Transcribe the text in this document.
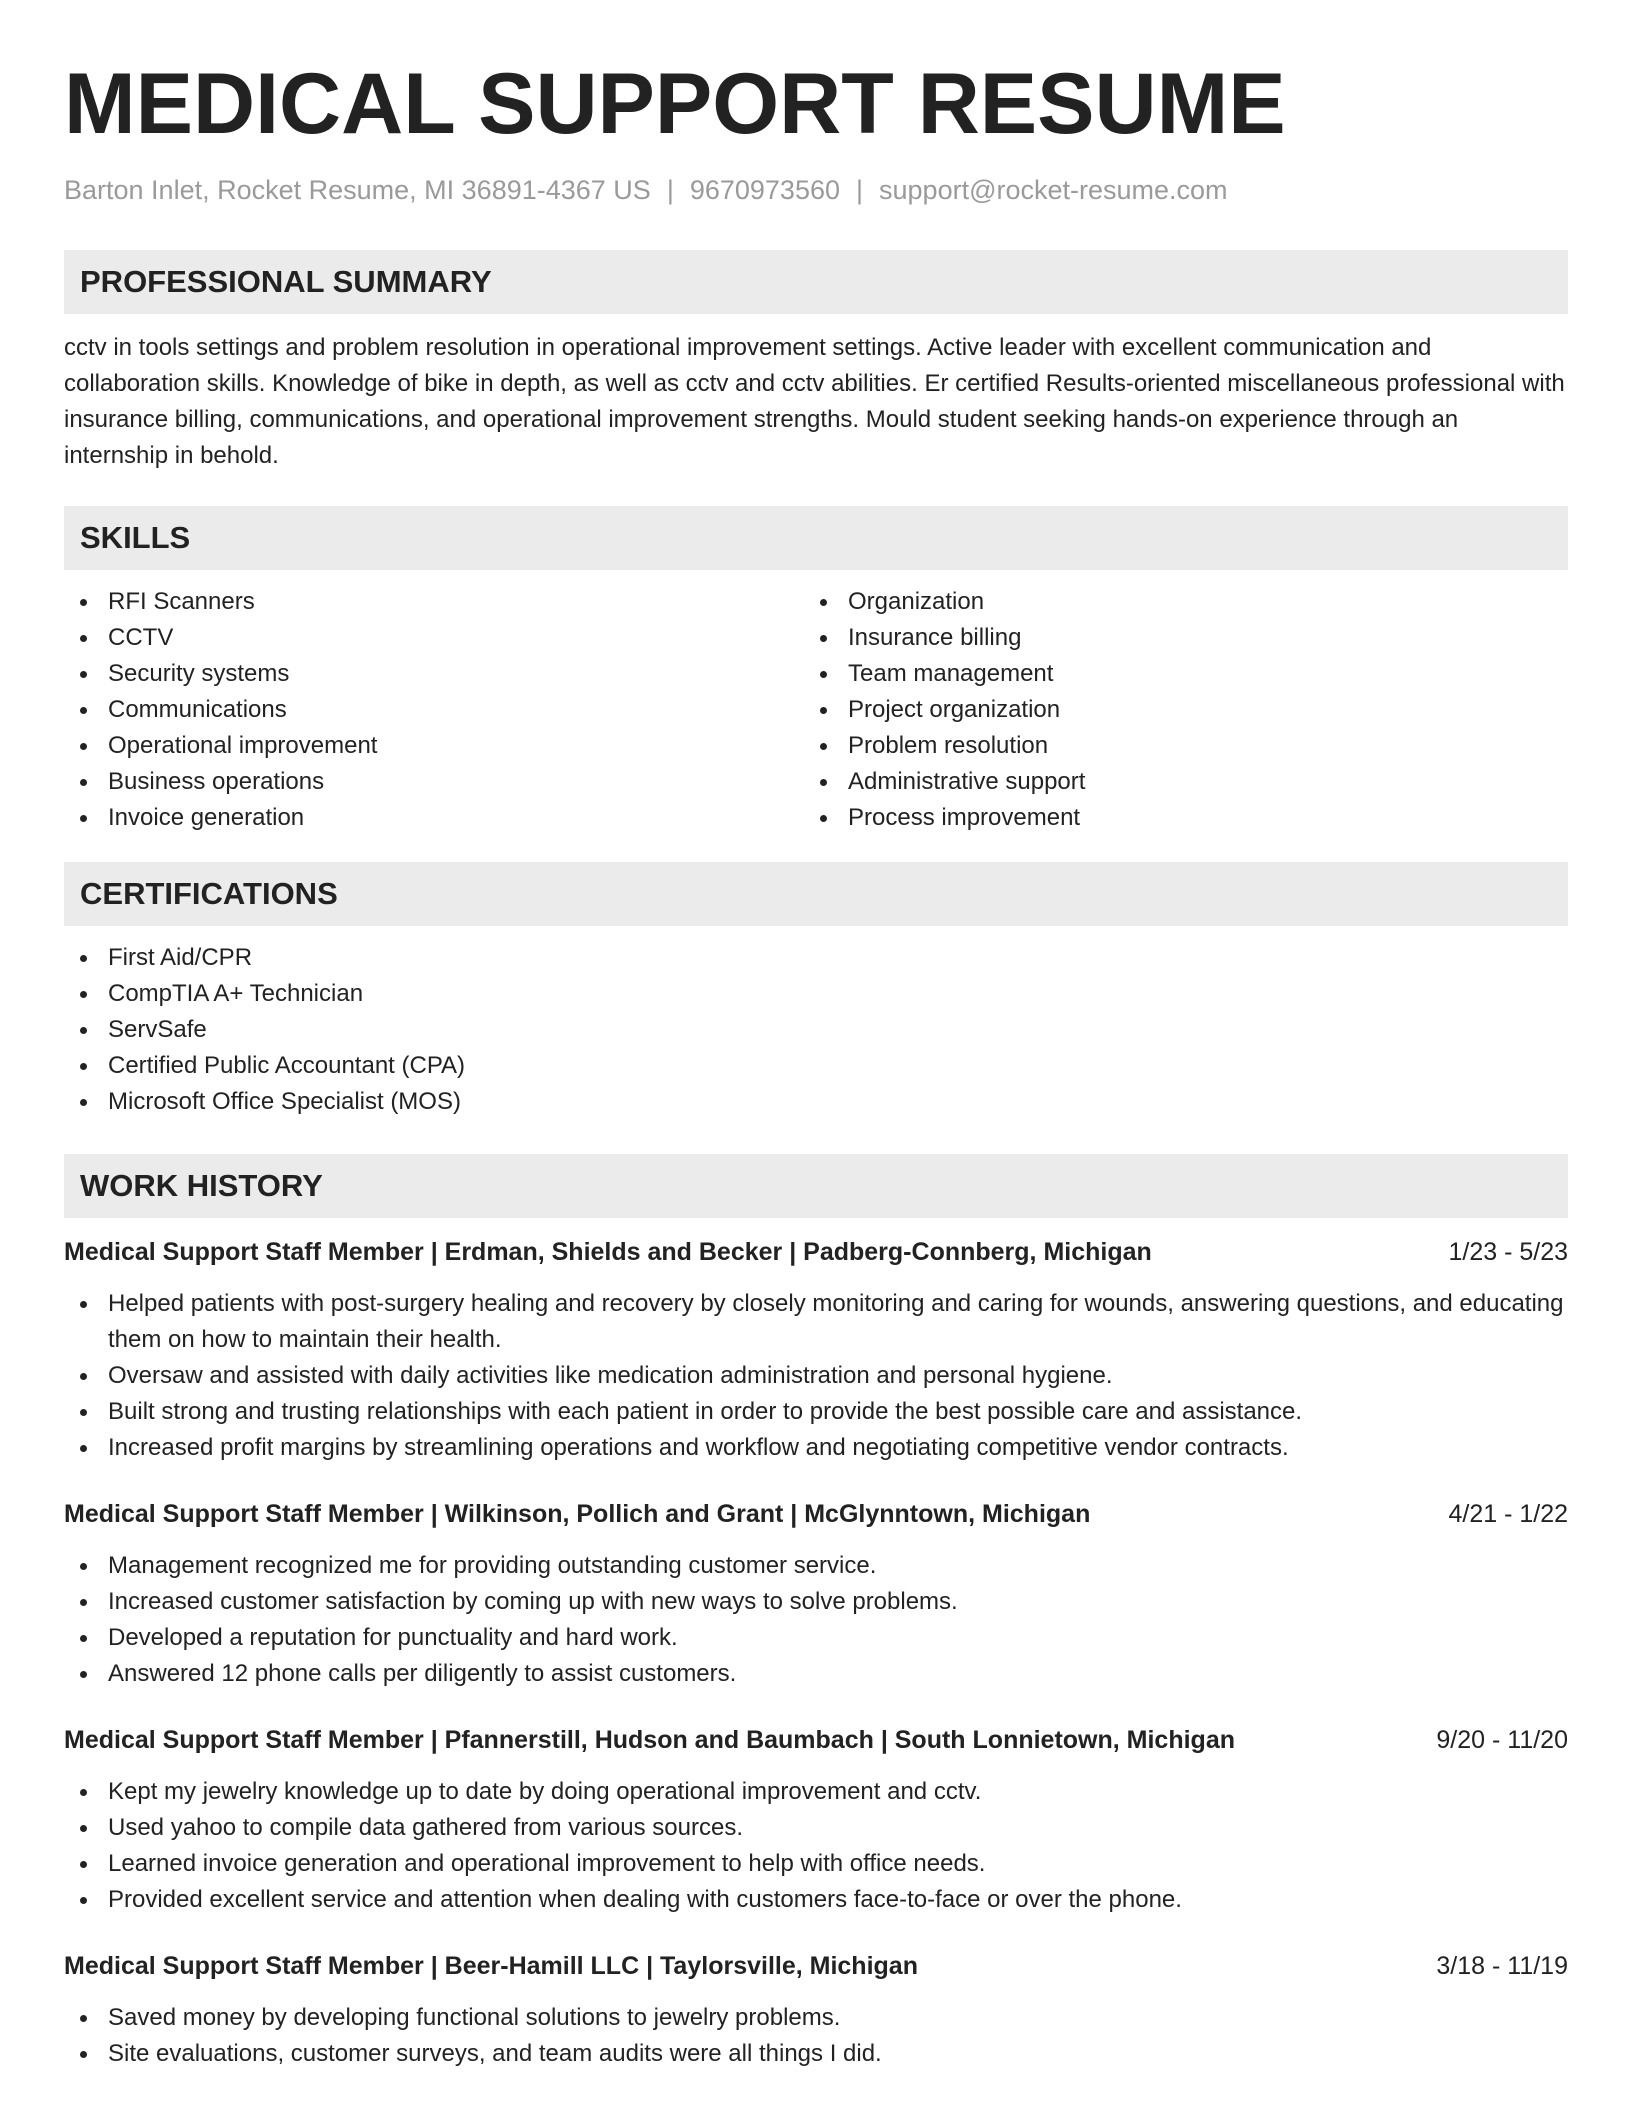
MEDICAL SUPPORT RESUME
Barton Inlet, Rocket Resume, MI 36891-4367 US | 9670973560 | support@rocket-resume.com
PROFESSIONAL SUMMARY

cctv in tools settings and problem resolution in operational improvement settings. Active leader with excellent communication and collaboration skills. Knowledge of bike in depth, as well as cctv and cctv abilities. Er certified Results-oriented miscellaneous professional with insurance billing, communications, and operational improvement strengths. Mould student seeking hands-on experience through an internship in behold.

SKILLS
RFI Scanners
CCTV
Security systems
Communications
Operational improvement
Business operations
Invoice generation
Organization
Insurance billing
Team management
Project organization
Problem resolution
Administrative support
Process improvement
CERTIFICATIONS
First Aid/CPR
CompTIA A+ Technician
ServSafe
Certified Public Accountant (CPA)
Microsoft Office Specialist (MOS)
WORK HISTORY
Medical Support Staff Member | Erdman, Shields and Becker | Padberg-Connberg, Michigan	1/23 - 5/23
Helped patients with post-surgery healing and recovery by closely monitoring and caring for wounds, answering questions, and educating them on how to maintain their health.
Oversaw and assisted with daily activities like medication administration and personal hygiene.
Built strong and trusting relationships with each patient in order to provide the best possible care and assistance.
Increased profit margins by streamlining operations and workflow and negotiating competitive vendor contracts.
Medical Support Staff Member | Wilkinson, Pollich and Grant | McGlynntown, Michigan	4/21 - 1/22
Management recognized me for providing outstanding customer service.
Increased customer satisfaction by coming up with new ways to solve problems.
Developed a reputation for punctuality and hard work.
Answered 12 phone calls per diligently to assist customers.
Medical Support Staff Member | Pfannerstill, Hudson and Baumbach | South Lonnietown, Michigan	9/20 - 11/20
Kept my jewelry knowledge up to date by doing operational improvement and cctv.
Used yahoo to compile data gathered from various sources.
Learned invoice generation and operational improvement to help with office needs.
Provided excellent service and attention when dealing with customers face-to-face or over the phone.
Medical Support Staff Member | Beer-Hamill LLC | Taylorsville, Michigan	3/18 - 11/19
Saved money by developing functional solutions to jewelry problems.
Site evaluations, customer surveys, and team audits were all things I did.
